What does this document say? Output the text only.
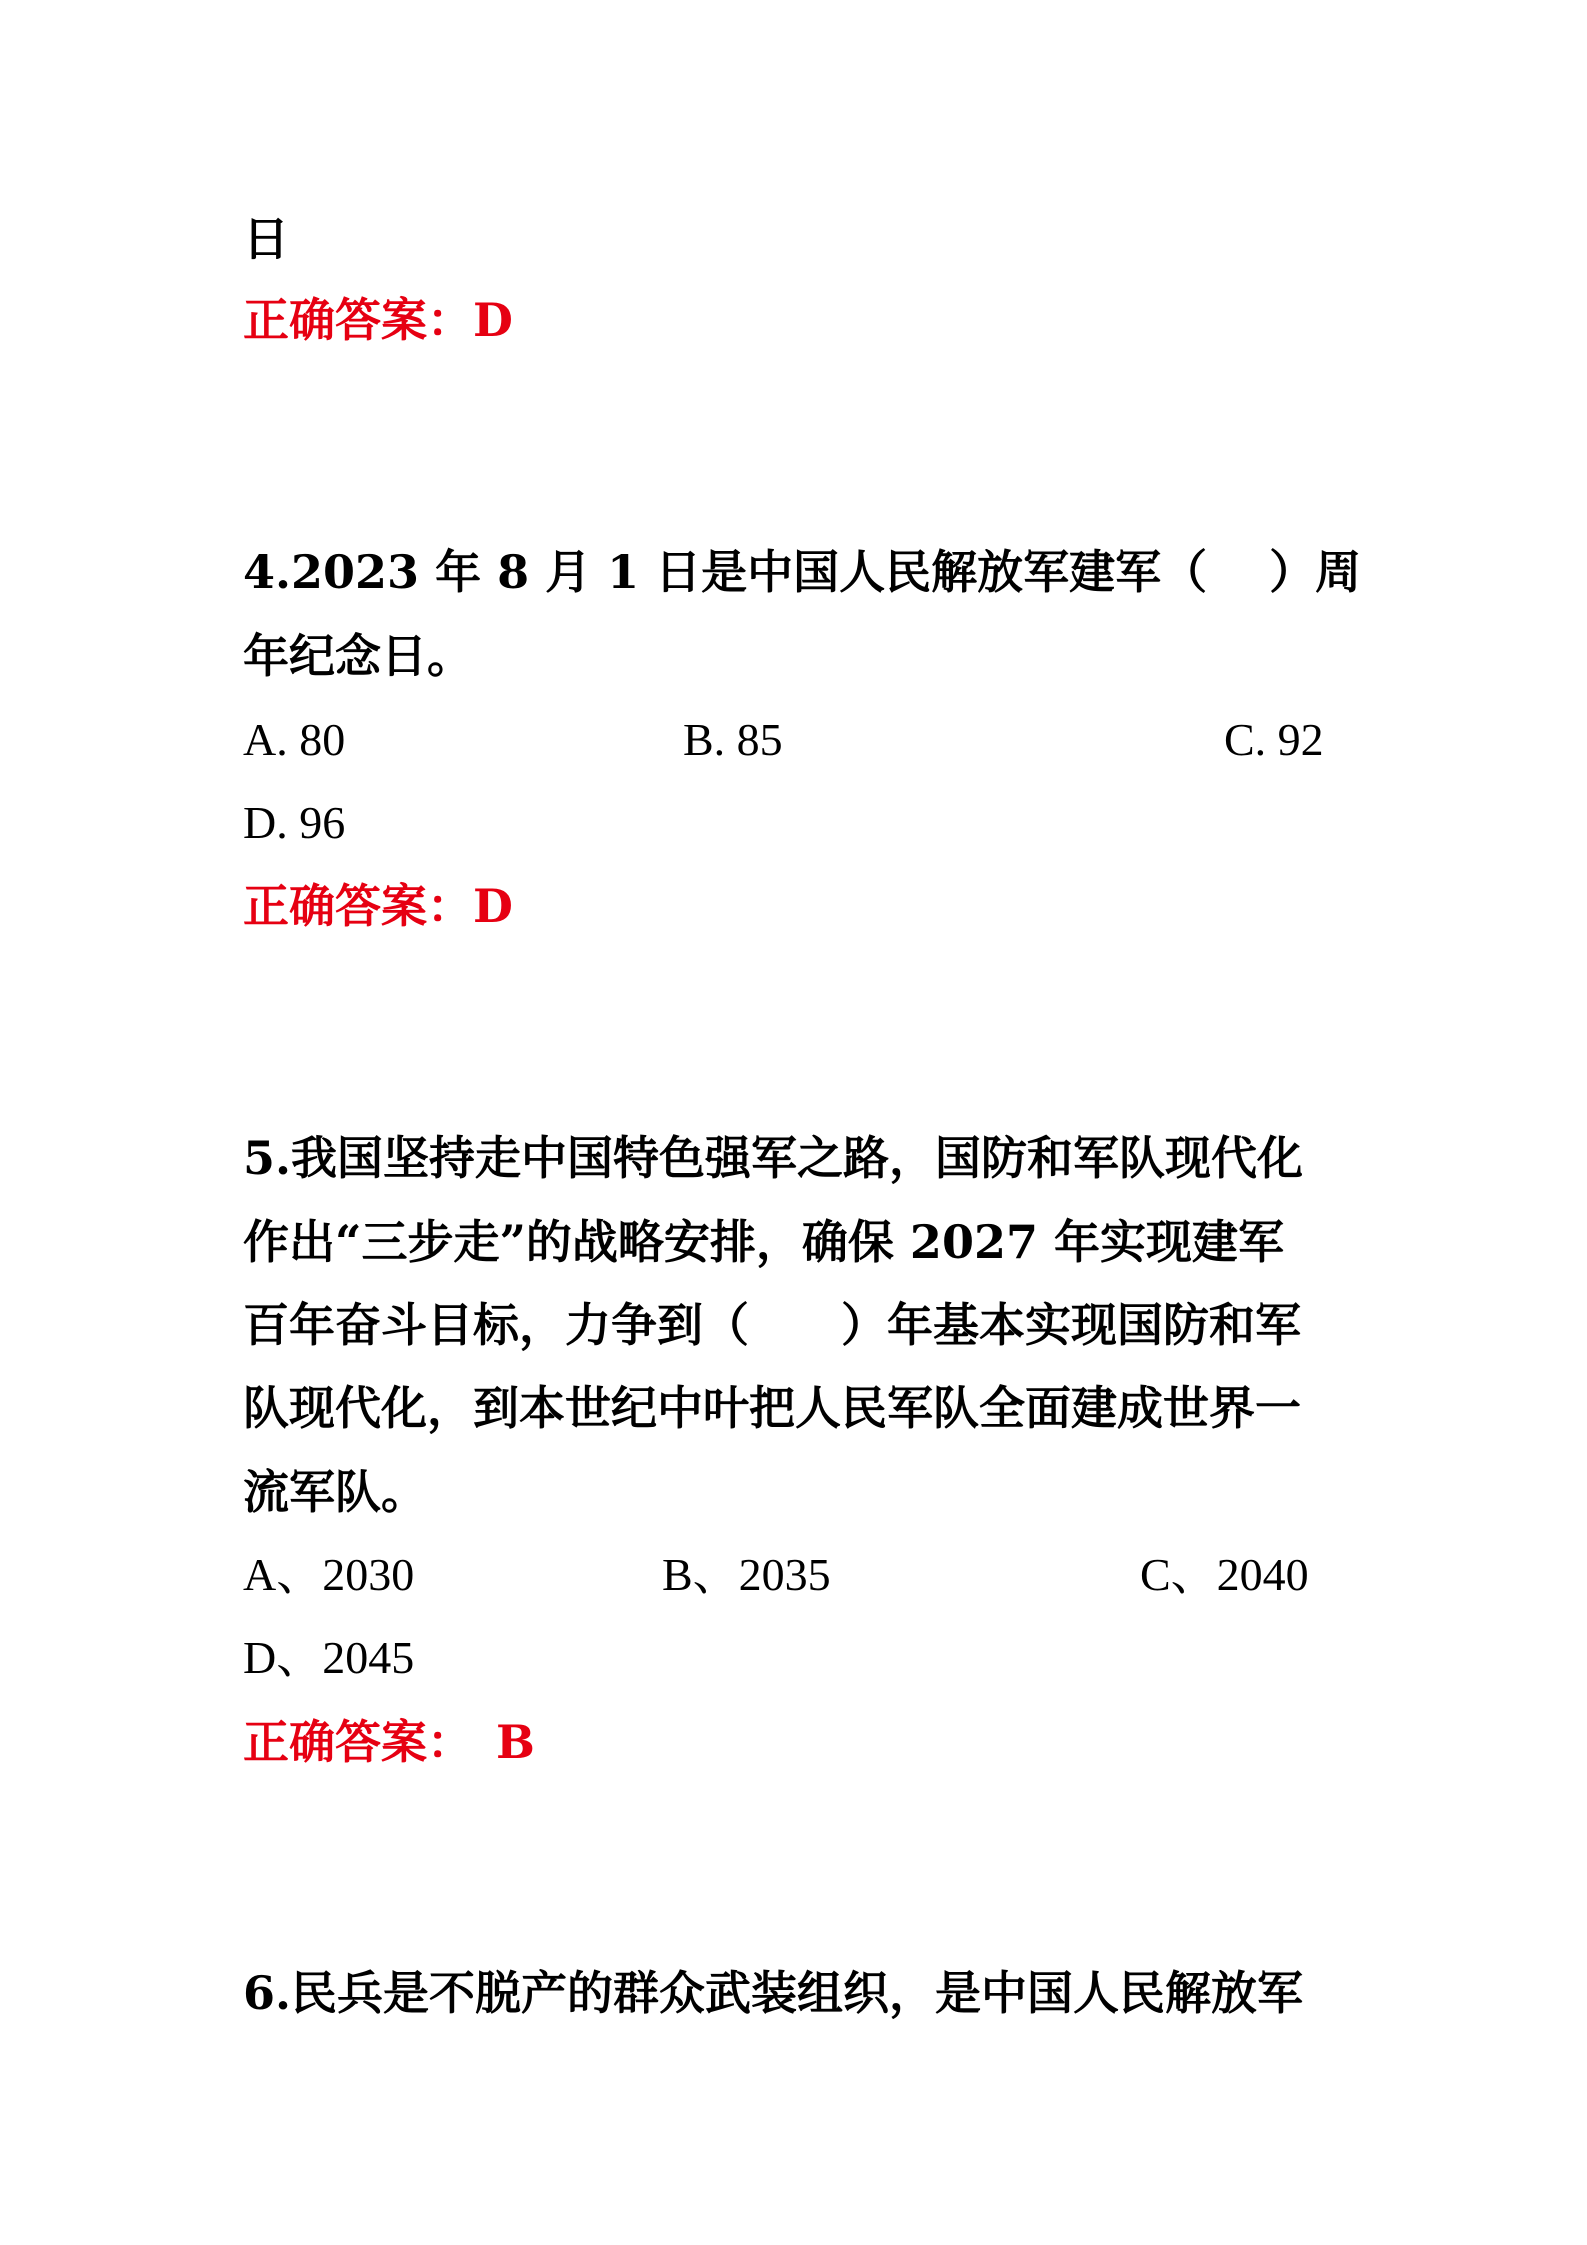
日
正确答案：D
4.2023 年 8 月 1 日是中国人民解放军建军（　 ）周
年纪念日。
A. 80	B. 85	C. 92
D. 96
正确答案：D
5.我国坚持走中国特色强军之路，国防和军队现代化
作出“三步走”的战略安排，确保 2027 年实现建军
百年奋斗目标，力争到（　　）年基本实现国防和军
队现代化，到本世纪中叶把人民军队全面建成世界一
流军队。
A、2030	B、2035	C、2040
D、2045
正确答案：　B
6.民兵是不脱产的群众武装组织，是中国人民解放军
